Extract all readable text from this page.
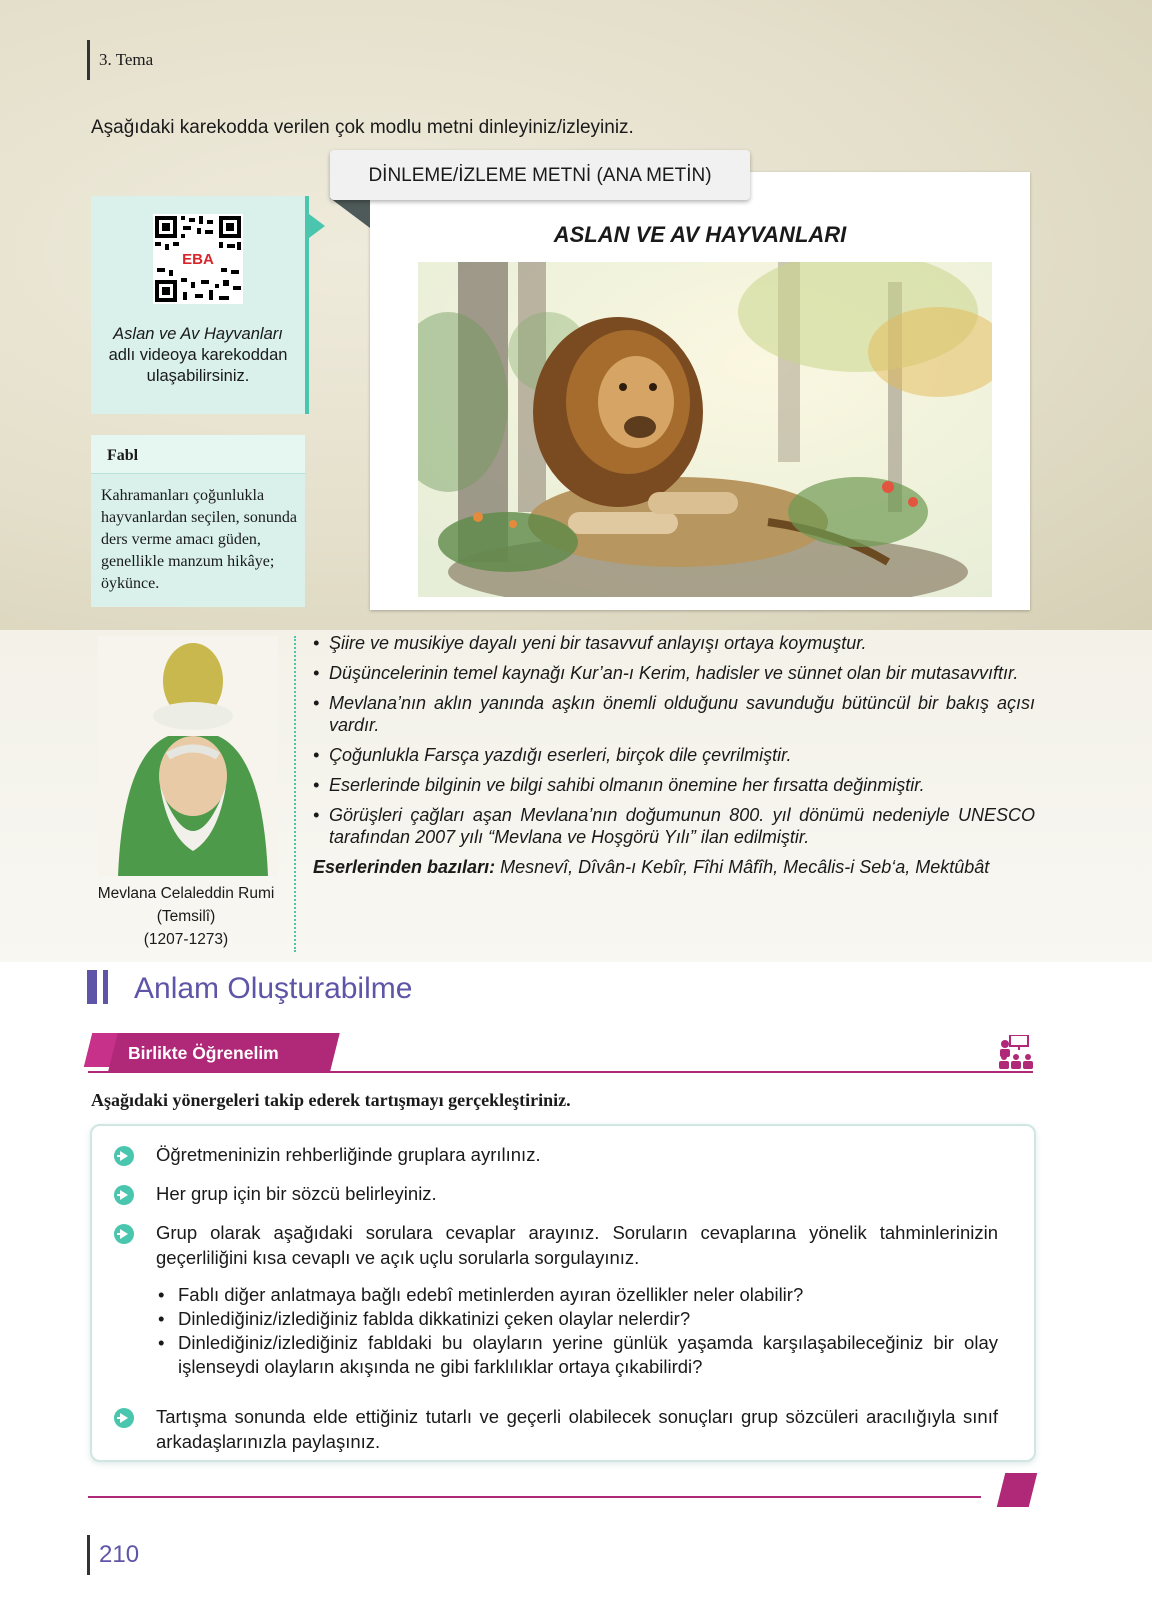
3. Tema
Aşağıdaki karekodda verilen çok modlu metni dinleyiniz/izleyiniz.
EBA
Aslan ve Av Hayvanları adlı videoya karekoddan ulaşabilirsiniz.
Fabl
Kahramanları çoğunlukla hayvanlardan seçilen, sonunda ders verme amacı güden, genellikle manzum hikâye; öykünce.
DİNLEME/İZLEME METNİ (ANA METİN)
ASLAN VE AV HAYVANLARI
Mevlana Celaleddin Rumi
(Temsilî)
(1207-1273)
• Şiire ve musikiye dayalı yeni bir tasavvuf anlayışı ortaya koymuştur.
• Düşüncelerinin temel kaynağı Kur’an-ı Kerim, hadisler ve sünnet olan bir mutasavvıftır.
• Mevlana’nın aklın yanında aşkın önemli olduğunu savunduğu bütüncül bir bakış açısı vardır.
• Çoğunlukla Farsça yazdığı eserleri, birçok dile çevrilmiştir.
• Eserlerinde bilginin ve bilgi sahibi olmanın önemine her fırsatta değinmiştir.
• Görüşleri çağları aşan Mevlana’nın doğumunun 800. yıl dönümü nedeniyle UNESCO tarafından 2007 yılı “Mevlana ve Hoşgörü Yılı” ilan edilmiştir.
Eserlerinden bazıları: Mesnevî, Dîvân-ı Kebîr, Fîhi Mâfîh, Mecâlis-i Seb‘a, Mektûbât
Anlam Oluşturabilme
Birlikte Öğrenelim
Aşağıdaki yönergeleri takip ederek tartışmayı gerçekleştiriniz.
Öğretmeninizin rehberliğinde gruplara ayrılınız.
Her grup için bir sözcü belirleyiniz.
Grup olarak aşağıdaki sorulara cevaplar arayınız. Soruların cevaplarına yönelik tahminlerinizin geçerliliğini kısa cevaplı ve açık uçlu sorularla sorgulayınız.
• Fablı diğer anlatmaya bağlı edebî metinlerden ayıran özellikler neler olabilir?
• Dinlediğiniz/izlediğiniz fablda dikkatinizi çeken olaylar nelerdir?
• Dinlediğiniz/izlediğiniz fabldaki bu olayların yerine günlük yaşamda karşılaşabileceğiniz bir olay işlenseydi olayların akışında ne gibi farklılıklar ortaya çıkabilirdi?
Tartışma sonunda elde ettiğiniz tutarlı ve geçerli olabilecek sonuçları grup sözcüleri aracılığıyla sınıf arkadaşlarınızla paylaşınız.
210
